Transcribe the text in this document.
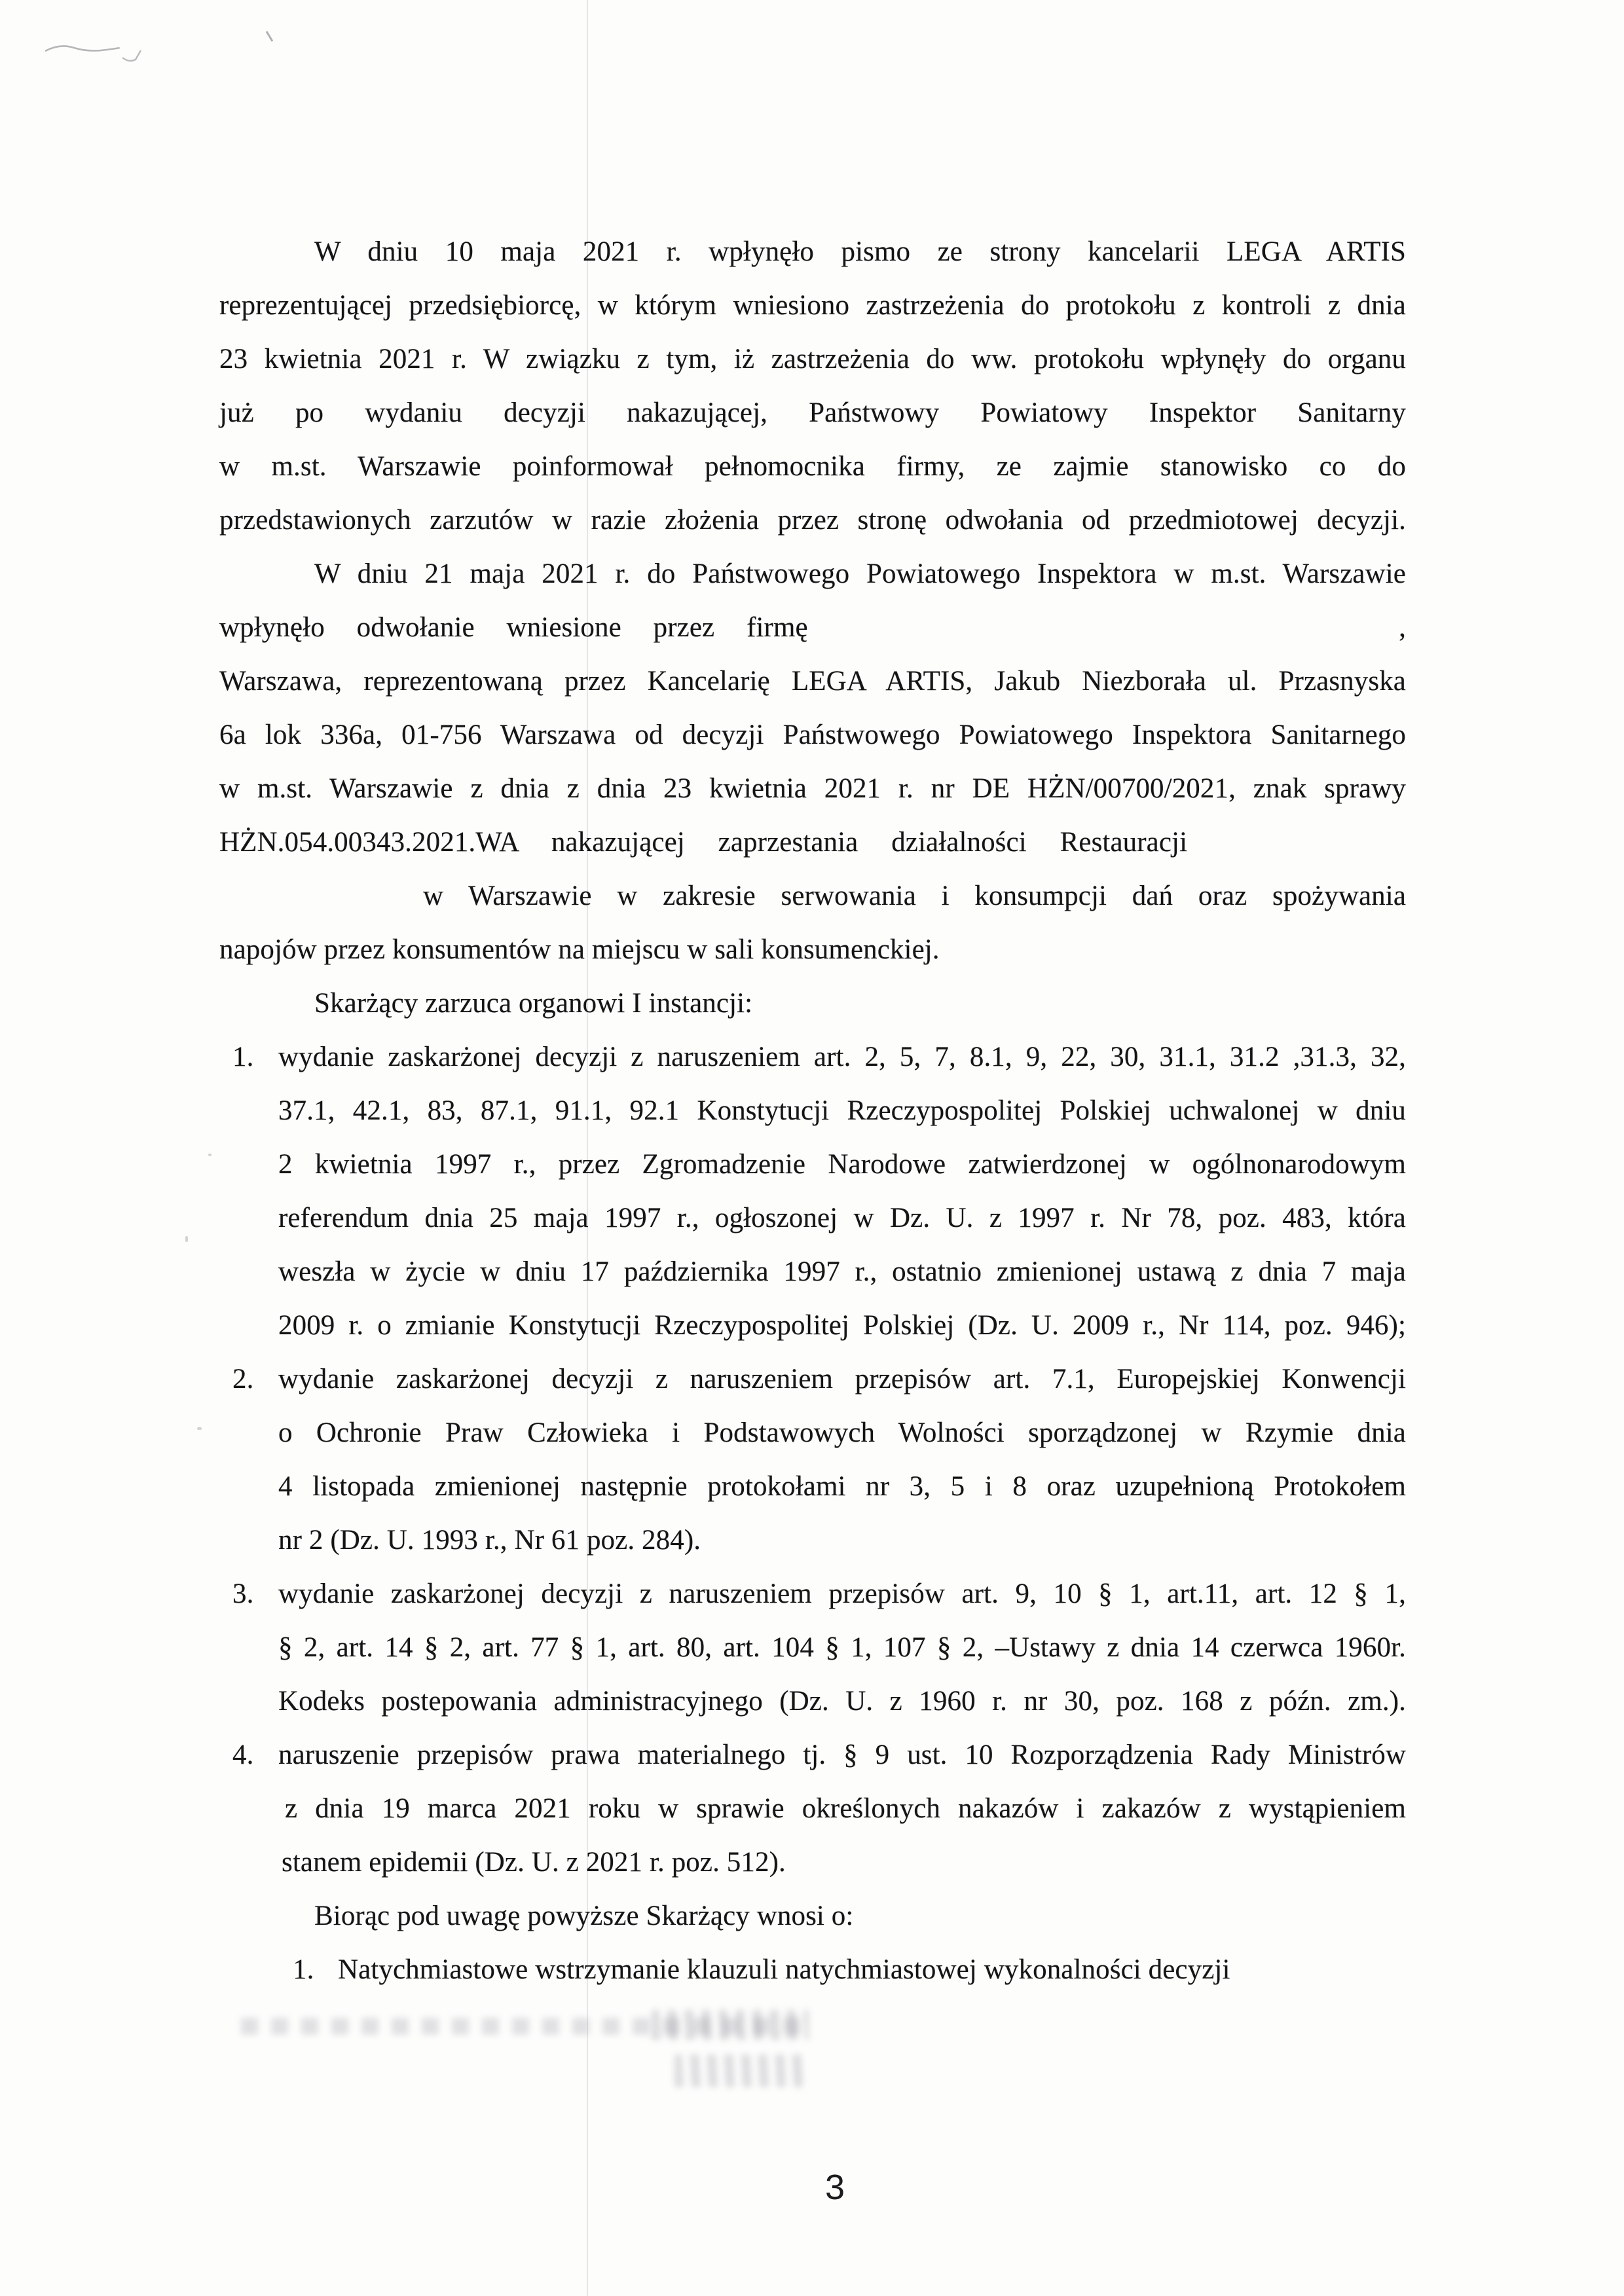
W dniu 10 maja 2021 r. wpłynęło pismo ze strony kancelarii LEGA ARTIS
reprezentującej przedsiębiorcę, w którym wniesiono zastrzeżenia do protokołu z kontroli z dnia
23 kwietnia 2021 r. W związku z tym, iż zastrzeżenia do ww. protokołu wpłynęły do organu
już po wydaniu decyzji nakazującej, Państwowy Powiatowy Inspektor Sanitarny
w m.st. Warszawie poinformował pełnomocnika firmy, ze zajmie stanowisko co do
przedstawionych zarzutów w razie złożenia przez stronę odwołania od przedmiotowej decyzji.
W dniu 21 maja 2021 r. do Państwowego Powiatowego Inspektora w m.st. Warszawie
wpłynęło odwołanie wniesione przez firmę	,
Warszawa, reprezentowaną przez Kancelarię LEGA ARTIS, Jakub Niezborała ul. Przasnyska
6a lok 336a, 01-756 Warszawa od decyzji Państwowego Powiatowego Inspektora Sanitarnego
w m.st. Warszawie z dnia z dnia 23 kwietnia 2021 r. nr DE HŻN/00700/2021, znak sprawy
HŻN.054.00343.2021.WA nakazującej zaprzestania działalności Restauracji
w Warszawie w zakresie serwowania i konsumpcji dań oraz spożywania
napojów przez konsumentów na miejscu w sali konsumenckiej.
Skarżący zarzuca organowi I instancji:
1. wydanie zaskarżonej decyzji z naruszeniem art. 2, 5, 7, 8.1, 9, 22, 30, 31.1, 31.2 ,31.3, 32,
37.1, 42.1, 83, 87.1, 91.1, 92.1 Konstytucji Rzeczypospolitej Polskiej uchwalonej w dniu
2 kwietnia 1997 r., przez Zgromadzenie Narodowe zatwierdzonej w ogólnonarodowym
referendum dnia 25 maja 1997 r., ogłoszonej w Dz. U. z 1997 r. Nr 78, poz. 483, która
weszła w życie w dniu 17 października 1997 r., ostatnio zmienionej ustawą z dnia 7 maja
2009 r. o zmianie Konstytucji Rzeczypospolitej Polskiej (Dz. U. 2009 r., Nr 114, poz. 946);
2. wydanie zaskarżonej decyzji z naruszeniem przepisów art. 7.1, Europejskiej Konwencji
o Ochronie Praw Człowieka i Podstawowych Wolności sporządzonej w Rzymie dnia
4 listopada zmienionej następnie protokołami nr 3, 5 i 8 oraz uzupełnioną Protokołem
nr 2 (Dz. U. 1993 r., Nr 61 poz. 284).
3. wydanie zaskarżonej decyzji z naruszeniem przepisów art. 9, 10 § 1, art.11, art. 12 § 1,
§ 2, art. 14 § 2, art. 77 § 1, art. 80, art. 104 § 1, 107 § 2, –Ustawy z dnia 14 czerwca 1960r.
Kodeks postepowania administracyjnego (Dz. U. z 1960 r. nr 30, poz. 168 z późn. zm.).
4. naruszenie przepisów prawa materialnego tj. § 9 ust. 10 Rozporządzenia Rady Ministrów
z dnia 19 marca 2021 roku w sprawie określonych nakazów i zakazów z wystąpieniem
stanem epidemii (Dz. U. z 2021 r. poz. 512).
Biorąc pod uwagę powyższe Skarżący wnosi o:
1. Natychmiastowe wstrzymanie klauzuli natychmiastowej wykonalności decyzji
3
